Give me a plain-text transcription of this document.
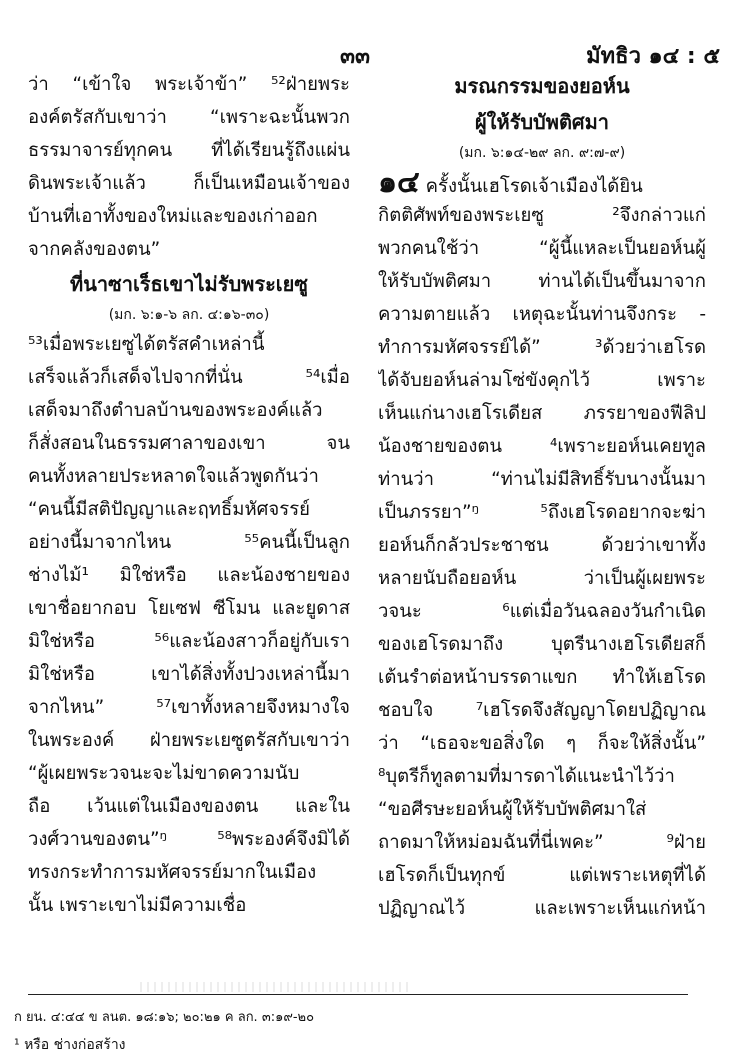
๓๓	มัทธิว ๑๔ : ๕
ว่า “เข้าใจ พระเจ้าข้า” ⁵²ฝ่ายพระ
องค์ตรัสกับเขาว่า “เพราะฉะนั้นพวก
ธรรมาจารย์ทุกคน ที่ได้เรียนรู้ถึงแผ่น
ดินพระเจ้าแล้ว ก็เป็นเหมือนเจ้าของ
บ้านที่เอาทั้งของใหม่และของเก่าออก
จากคลังของตน”
ที่นาซาเร็ธเขาไม่รับพระเยซู
(มก. ๖:๑-๖ ลก. ๔:๑๖-๓๐)
⁵³เมื่อพระเยซูได้ตรัสคำเหล่านี้
เสร็จแล้วก็เสด็จไปจากที่นั่น ⁵⁴เมื่อ
เสด็จมาถึงตำบลบ้านของพระองค์แล้ว
ก็สั่งสอนในธรรมศาลาของเขา จน
คนทั้งหลายประหลาดใจแล้วพูดกันว่า
“คนนี้มีสติปัญญาและฤทธิ์มหัศจรรย์
อย่างนี้มาจากไหน ⁵⁵คนนี้เป็นลูก
ช่างไม้¹ มิใช่หรือ และน้องชายของ
เขาชื่อยากอบ โยเซฟ ซีโมน และยูดาส
มิใช่หรือ ⁵⁶และน้องสาวก็อยู่กับเรา
มิใช่หรือ เขาได้สิ่งทั้งปวงเหล่านี้มา
จากไหน” ⁵⁷เขาทั้งหลายจึงหมางใจ
ในพระองค์ ฝ่ายพระเยซูตรัสกับเขาว่า
“ผู้เผยพระวจนะจะไม่ขาดความนับ
ถือ เว้นแต่ในเมืองของตน และใน
วงศ์วานของตน”ᵑ ⁵⁸พระองค์จึงมิได้
ทรงกระทำการมหัศจรรย์มากในเมือง
นั้น เพราะเขาไม่มีความเชื่อ
มรณกรรมของยอห์น
ผู้ให้รับบัพติศมา
(มก. ๖:๑๔-๒๙ ลก. ๙:๗-๙)
๑๔ ครั้งนั้นเฮโรดเจ้าเมืองได้ยิน
กิตติศัพท์ของพระเยซู ²จึงกล่าวแก่
พวกคนใช้ว่า “ผู้นี้แหละเป็นยอห์นผู้
ให้รับบัพติศมา ท่านได้เป็นขึ้นมาจาก
ความตายแล้ว เหตุฉะนั้นท่านจึงกระ -
ทำการมหัศจรรย์ได้” ³ด้วยว่าเฮโรด
ได้จับยอห์นล่ามโซ่ขังคุกไว้ เพราะ
เห็นแก่นางเฮโรเดียส ภรรยาของฟีลิป
น้องชายของตน ⁴เพราะยอห์นเคยทูล
ท่านว่า “ท่านไม่มีสิทธิ์รับนางนั้นมา
เป็นภรรยา”ᵑ ⁵ถึงเฮโรดอยากจะฆ่า
ยอห์นก็กลัวประชาชน ด้วยว่าเขาทั้ง
หลายนับถือยอห์น ว่าเป็นผู้เผยพระ
วจนะ ⁶แต่เมื่อวันฉลองวันกำเนิด
ของเฮโรดมาถึง บุตรีนางเฮโรเดียสก็
เต้นรำต่อหน้าบรรดาแขก ทำให้เฮโรด
ชอบใจ ⁷เฮโรดจึงสัญญาโดยปฏิญาณ
ว่า “เธอจะขอสิ่งใด ๆ ก็จะให้สิ่งนั้น”
⁸บุตรีก็ทูลตามที่มารดาได้แนะนำไว้ว่า
“ขอศีรษะยอห์นผู้ให้รับบัพติศมาใส่
ถาดมาให้หม่อมฉันที่นี่เพคะ” ⁹ฝ่าย
เฮโรดก็เป็นทุกข์ แต่เพราะเหตุที่ได้
ปฏิญาณไว้ และเพราะเห็นแก่หน้า
ก ยน. ๔:๔๔ ข ลนต. ๑๘:๑๖; ๒๐:๒๑ ค ลก. ๓:๑๙-๒๐
¹ หรือ ช่างก่อสร้าง
